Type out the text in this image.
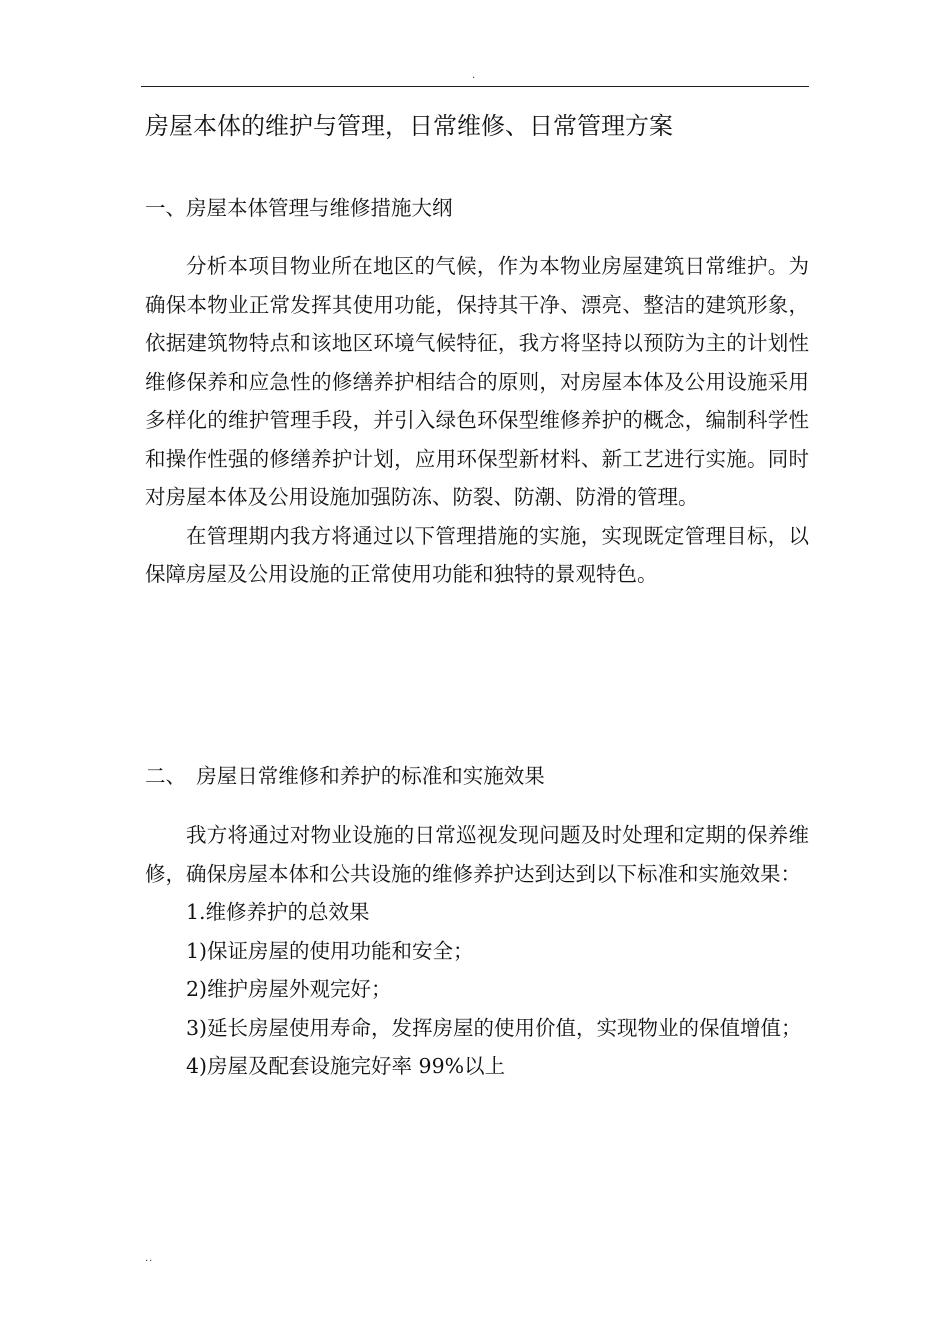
.
房屋本体的维护与管理，日常维修、日常管理方案
一、房屋本体管理与维修措施大纲

分析本项目物业所在地区的气候，作为本物业房屋建筑日常维护。为确保本物业正常发挥其使用功能，保持其干净、漂亮、整洁的建筑形象，依据建筑物特点和该地区环境气候特征，我方将坚持以预防为主的计划性维修保养和应急性的修缮养护相结合的原则，对房屋本体及公用设施采用多样化的维护管理手段，并引入绿色环保型维修养护的概念，编制科学性和操作性强的修缮养护计划，应用环保型新材料、新工艺进行实施。同时对房屋本体及公用设施加强防冻、防裂、防潮、防滑的管理。

在管理期内我方将通过以下管理措施的实施，实现既定管理目标，以保障房屋及公用设施的正常使用功能和独特的景观特色。

二、　房屋日常维修和养护的标准和实施效果

我方将通过对物业设施的日常巡视发现问题及时处理和定期的保养维修，确保房屋本体和公共设施的维修养护达到达到以下标准和实施效果：

1.维修养护的总效果

1)保证房屋的使用功能和安全；

2)维护房屋外观完好；

3)延长房屋使用寿命，发挥房屋的使用价值，实现物业的保值增值；

4)房屋及配套设施完好率 99%以上

..
